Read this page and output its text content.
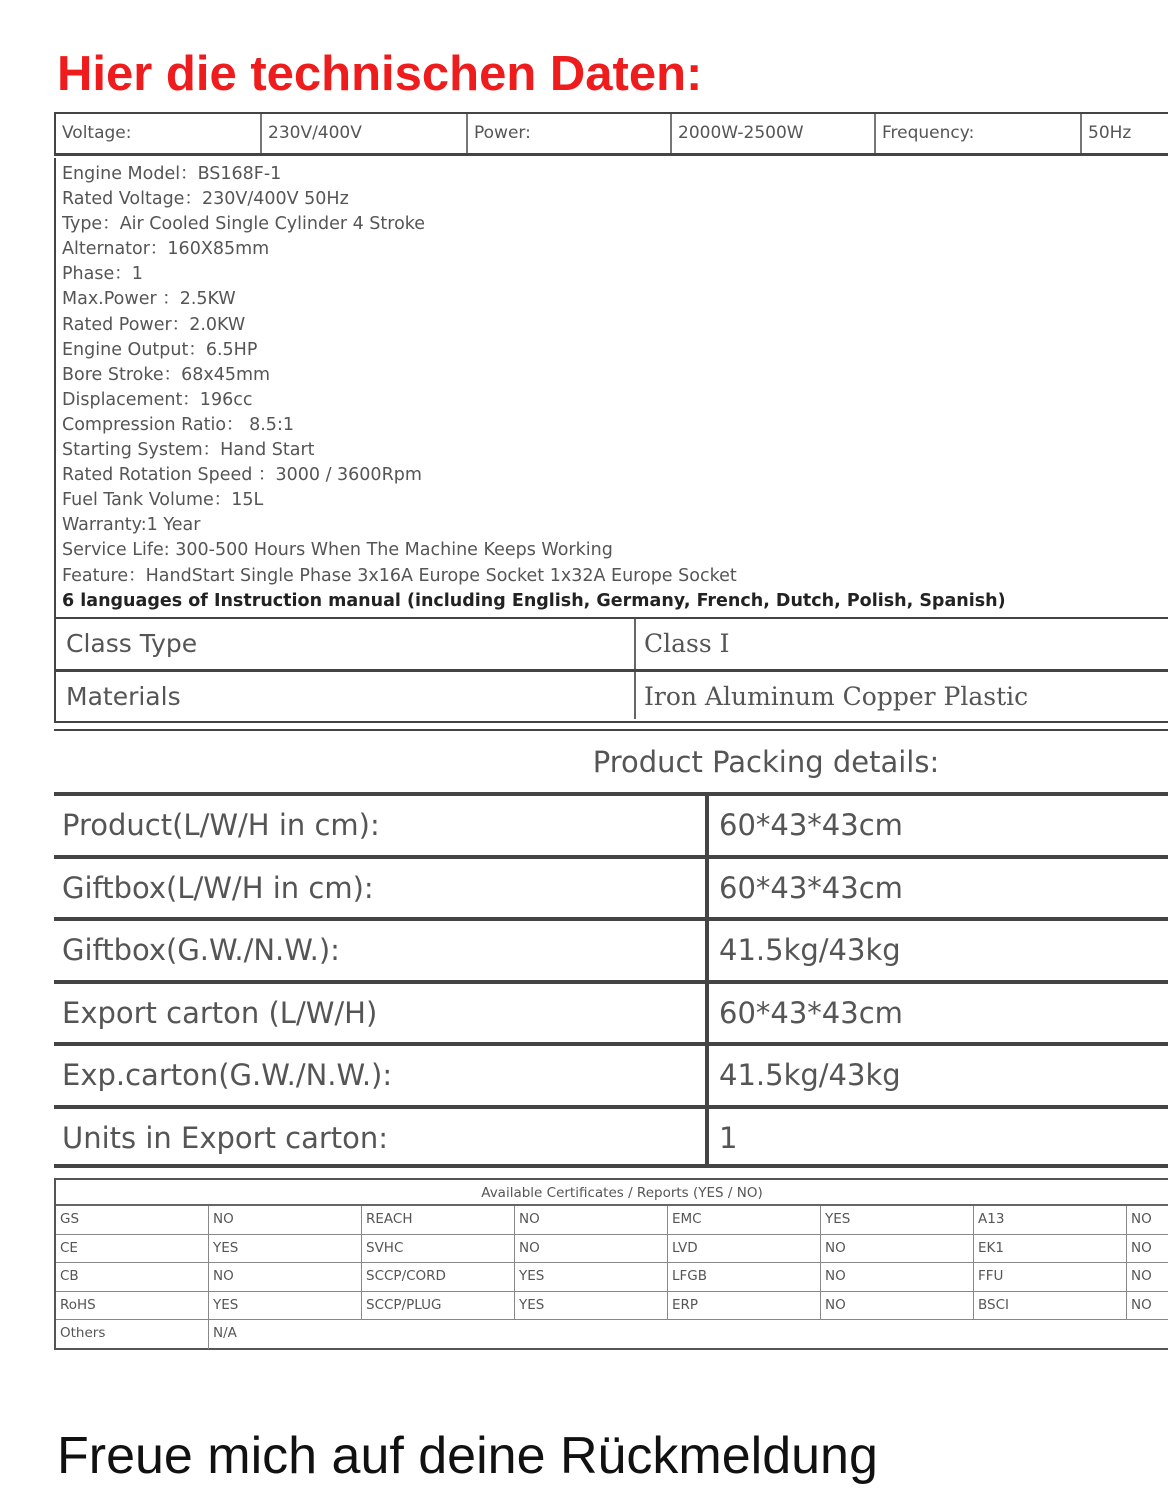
Hier die technischen Daten:
Voltage:	230V/400V	Power:	2000W-2500W	Frequency:	50Hz
Engine Model：BS168F-1
Rated Voltage：230V/400V 50Hz
Type：Air Cooled Single Cylinder 4 Stroke
Alternator：160X85mm
Phase：1
Max.Power ：2.5KW
Rated Power：2.0KW
Engine Output：6.5HP
Bore Stroke：68x45mm
Displacement：196cc
Compression Ratio： 8.5:1
Starting System：Hand Start
Rated Rotation Speed ：3000 / 3600Rpm
Fuel Tank Volume：15L
Warranty:1 Year
Service Life: 300-500 Hours When The Machine Keeps Working
Feature：HandStart Single Phase 3x16A Europe Socket 1x32A Europe Socket
6 languages of Instruction manual (including English, Germany, French, Dutch, Polish, Spanish)
Class Type	Class I
Materials	Iron Aluminum Copper Plastic
Product Packing details:
Product(L/W/H in cm):	60*43*43cm
Giftbox(L/W/H in cm):	60*43*43cm
Giftbox(G.W./N.W.):	41.5kg/43kg
Export carton (L/W/H)	60*43*43cm
Exp.carton(G.W./N.W.):	41.5kg/43kg
Units in Export carton:	1
Available Certificates / Reports (YES / NO)
GS	NO	REACH	NO	EMC	YES	A13	NO
CE	YES	SVHC	NO	LVD	NO	EK1	NO
CB	NO	SCCP/CORD	YES	LFGB	NO	FFU	NO
RoHS	YES	SCCP/PLUG	YES	ERP	NO	BSCI	NO
Others	N/A

Freue mich auf deine Rückmeldung
